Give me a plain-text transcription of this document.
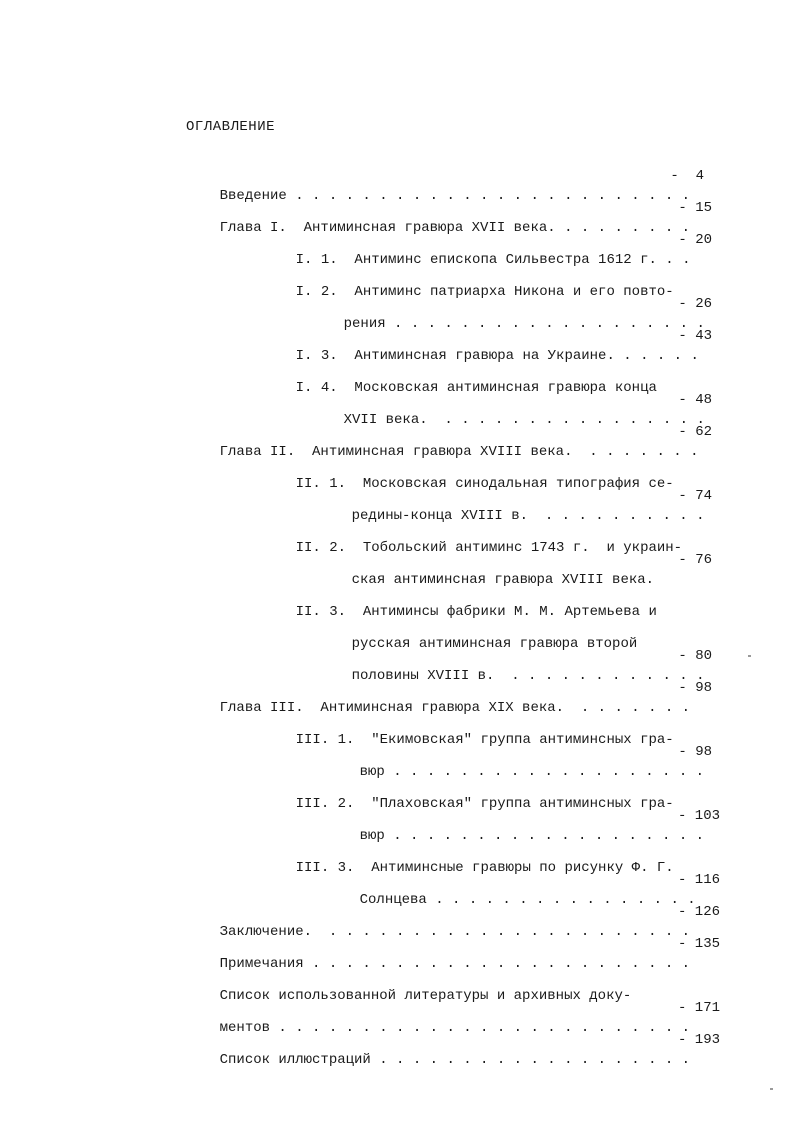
ОГЛАВЛЕНИЕ

Введение . . . . . . . . . . . . . . . . . . . . . . . .

-  4

Глава I.  Антиминсная гравюра XVII века. . . . . . . . .

- 15

I. 1.  Антиминс епископа Сильвестра 1612 г. . .

- 20

I. 2.  Антиминс патриарха Никона и его повто-

рения . . . . . . . . . . . . . . . . . . .

- 26

I. 3.  Антиминсная гравюра на Украине. . . . . .

- 43

I. 4.  Московская антиминсная гравюра конца

XVII века.  . . . . . . . . . . . . . . . .

- 48

Глава II.  Антиминсная гравюра XVIII века.  . . . . . . .

- 62

II. 1.  Московская синодальная типография се-

редины-конца XVIII в.  . . . . . . . . . .

- 74

II. 2.  Тобольский антиминс 1743 г.  и украин-

ская антиминсная гравюра XVIII века.

- 76

II. 3.  Антиминсы фабрики М. М. Артемьева и

русская антиминсная гравюра второй

половины XVIII в.  . . . . . . . . . . . .

- 80

Глава III.  Антиминсная гравюра XIX века.  . . . . . . .

- 98

III. 1.  "Екимовская" группа антиминсных гра-

вюр . . . . . . . . . . . . . . . . . . .

- 98

III. 2.  "Плаховская" группа антиминсных гра-

вюр . . . . . . . . . . . . . . . . . . .

- 103

III. 3.  Антиминсные гравюры по рисунку Ф. Г.

Солнцева . . . . . . . . . . . . . . . .

- 116

Заключение.  . . . . . . . . . . . . . . . . . . . . . .

- 126

Примечания . . . . . . . . . . . . . . . . . . . . . . .

- 135

Список использованной литературы и архивных доку-

ментов . . . . . . . . . . . . . . . . . . . . . . . . .

- 171

Список иллюстраций . . . . . . . . . . . . . . . . . . .

- 193
